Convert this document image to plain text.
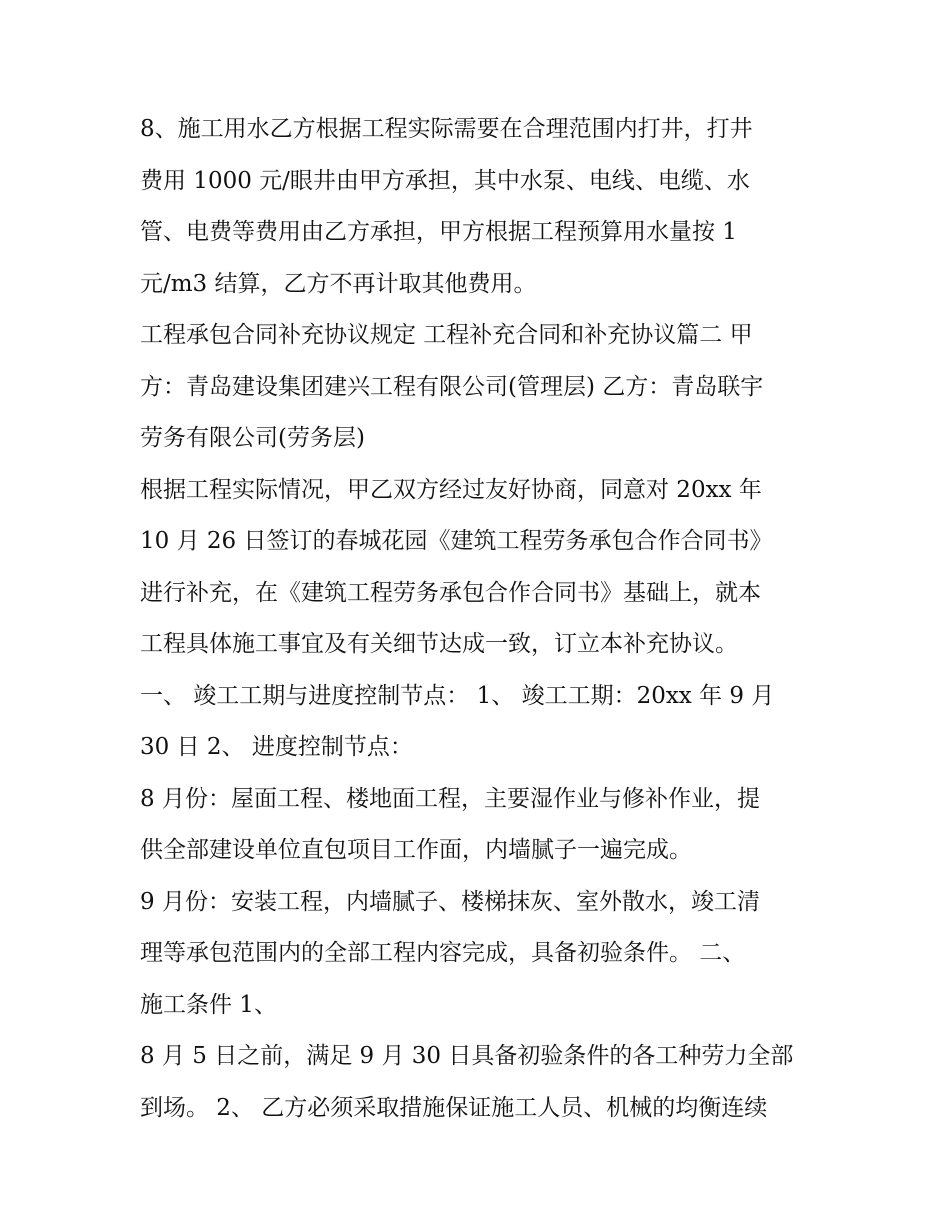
8、施工用水乙方根据工程实际需要在合理范围内打井，打井
费用 1000 元/眼井由甲方承担，其中水泵、电线、电缆、水
管、电费等费用由乙方承担，甲方根据工程预算用水量按 1
元/m3 结算，乙方不再计取其他费用。
工程承包合同补充协议规定 工程补充合同和补充协议篇二 甲
方：青岛建设集团建兴工程有限公司(管理层) 乙方：青岛联宇
劳务有限公司(劳务层)
根据工程实际情况，甲乙双方经过友好协商，同意对 20xx 年
10 月 26 日签订的春城花园《建筑工程劳务承包合作合同书》
进行补充，在《建筑工程劳务承包合作合同书》基础上，就本
工程具体施工事宜及有关细节达成一致，订立本补充协议。
一、 竣工工期与进度控制节点： 1、 竣工工期：20xx 年 9 月
30 日 2、 进度控制节点：
8 月份：屋面工程、楼地面工程，主要湿作业与修补作业，提
供全部建设单位直包项目工作面，内墙腻子一遍完成。
9 月份：安装工程，内墙腻子、楼梯抹灰、室外散水，竣工清
理等承包范围内的全部工程内容完成，具备初验条件。 二、
施工条件 1、
8 月 5 日之前，满足 9 月 30 日具备初验条件的各工种劳力全部
到场。 2、 乙方必须采取措施保证施工人员、机械的均衡连续
